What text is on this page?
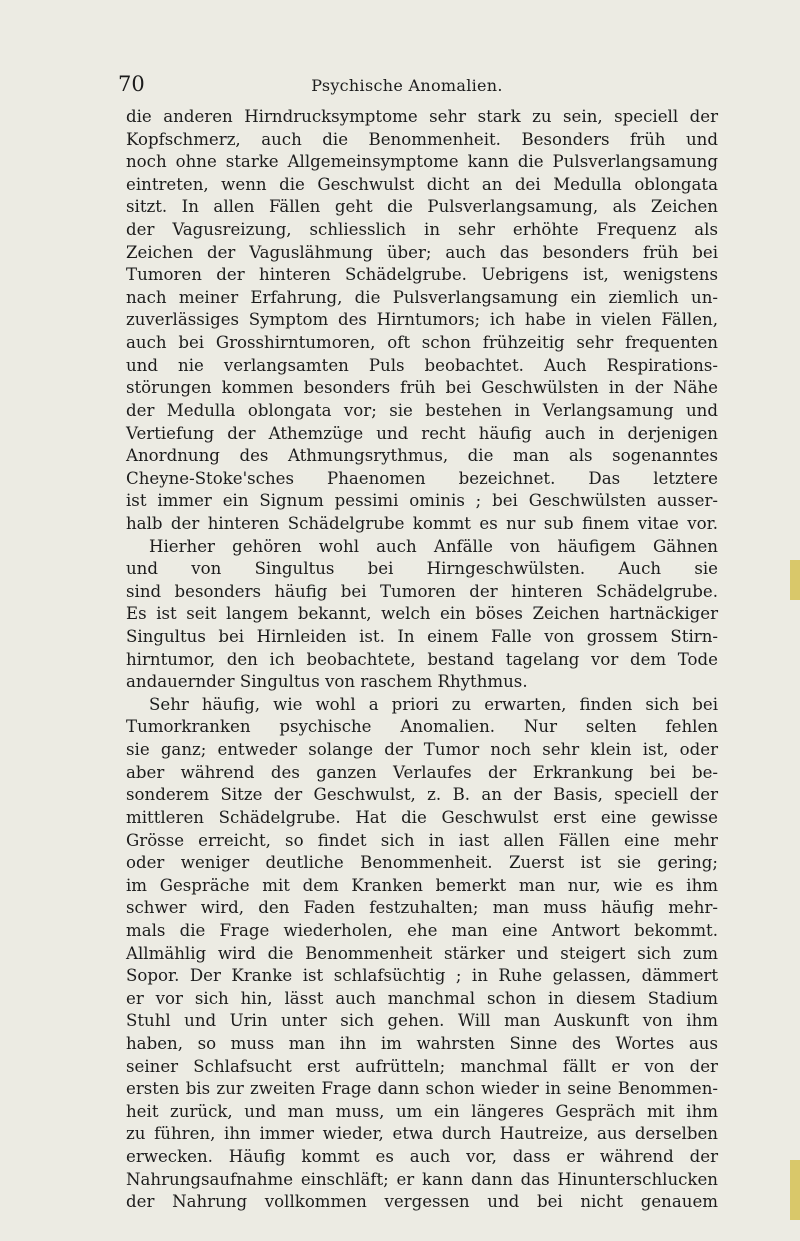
70	Psychische Anomalien.
die anderen Hirndrucksymptome sehr stark zu sein, speciell der
Kopfschmerz, auch die Benommenheit. Besonders früh und
noch ohne starke Allgemeinsymptome kann die Pulsverlangsamung
eintreten, wenn die Geschwulst dicht an dei Medulla oblongata
sitzt. In allen Fällen geht die Pulsverlangsamung, als Zeichen
der Vagusreizung, schliesslich in sehr erhöhte Frequenz als
Zeichen der Vaguslähmung über; auch das besonders früh bei
Tumoren der hinteren Schädelgrube. Uebrigens ist, wenigstens
nach meiner Erfahrung, die Pulsverlangsamung ein ziemlich un-
zuverlässiges Symptom des Hirntumors; ich habe in vielen Fällen,
auch bei Grosshirntumoren, oft schon frühzeitig sehr frequenten
und nie verlangsamten Puls beobachtet. Auch Respirations-
störungen kommen besonders früh bei Geschwülsten in der Nähe
der Medulla oblongata vor; sie bestehen in Verlangsamung und
Vertiefung der Athemzüge und recht häufig auch in derjenigen
Anordnung des Athmungsrythmus, die man als sogenanntes
Cheyne-Stoke'sches Phaenomen bezeichnet. Das letztere
ist immer ein Signum pessimi ominis ; bei Geschwülsten ausser-
halb der hinteren Schädelgrube kommt es nur sub finem vitae vor.
Hierher gehören wohl auch Anfälle von häufigem Gähnen
und von Singultus bei Hirngeschwülsten. Auch sie
sind besonders häufig bei Tumoren der hinteren Schädelgrube.
Es ist seit langem bekannt, welch ein böses Zeichen hartnäckiger
Singultus bei Hirnleiden ist. In einem Falle von grossem Stirn-
hirntumor, den ich beobachtete, bestand tagelang vor dem Tode
andauernder Singultus von raschem Rhythmus.
Sehr häufig, wie wohl a priori zu erwarten, finden sich bei
Tumorkranken psychische Anomalien. Nur selten fehlen
sie ganz; entweder solange der Tumor noch sehr klein ist, oder
aber während des ganzen Verlaufes der Erkrankung bei be-
sonderem Sitze der Geschwulst, z. B. an der Basis, speciell der
mittleren Schädelgrube. Hat die Geschwulst erst eine gewisse
Grösse erreicht, so findet sich in iast allen Fällen eine mehr
oder weniger deutliche Benommenheit. Zuerst ist sie gering;
im Gespräche mit dem Kranken bemerkt man nur, wie es ihm
schwer wird, den Faden festzuhalten; man muss häufig mehr-
mals die Frage wiederholen, ehe man eine Antwort bekommt.
Allmählig wird die Benommenheit stärker und steigert sich zum
Sopor. Der Kranke ist schlafsüchtig ; in Ruhe gelassen, dämmert
er vor sich hin, lässt auch manchmal schon in diesem Stadium
Stuhl und Urin unter sich gehen. Will man Auskunft von ihm
haben, so muss man ihn im wahrsten Sinne des Wortes aus
seiner Schlafsucht erst aufrütteln; manchmal fällt er von der
ersten bis zur zweiten Frage dann schon wieder in seine Benommen-
heit zurück, und man muss, um ein längeres Gespräch mit ihm
zu führen, ihn immer wieder, etwa durch Hautreize, aus derselben
erwecken. Häufig kommt es auch vor, dass er während der
Nahrungsaufnahme einschläft; er kann dann das Hinunterschlucken
der Nahrung vollkommen vergessen und bei nicht genauem
